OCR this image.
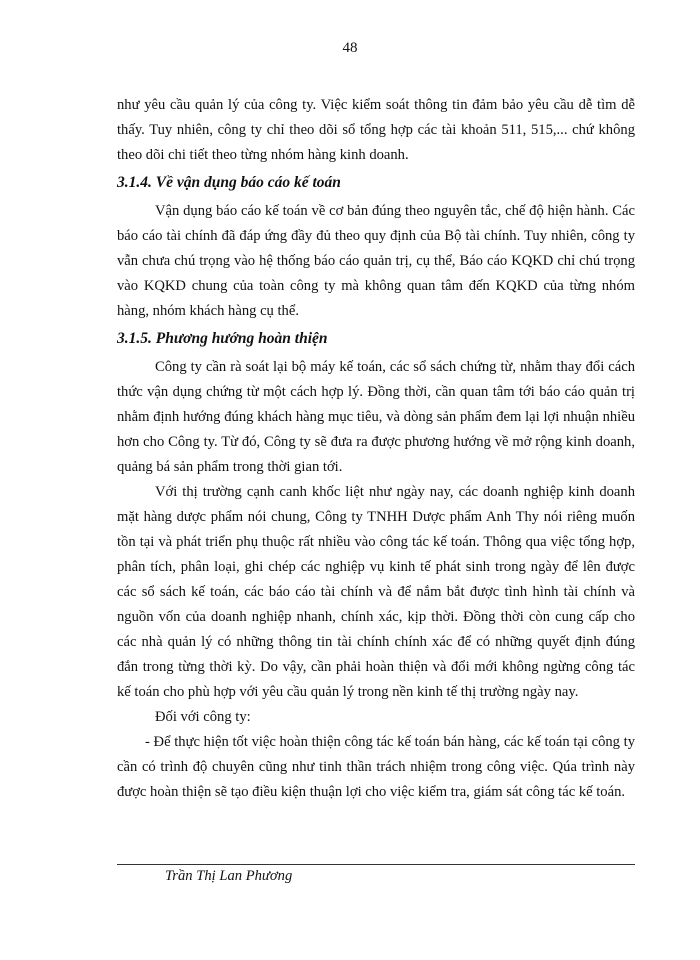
48

như yêu cầu quản lý của công ty. Việc kiểm soát thông tin đảm bảo yêu cầu dễ tìm dễ thấy. Tuy nhiên, công ty chỉ theo dõi sổ tổng hợp các tài khoản 511, 515,... chứ không theo dõi chi tiết theo từng nhóm hàng kinh doanh.

3.1.4. Về vận dụng báo cáo kế toán

Vận dụng báo cáo kế toán về cơ bản đúng theo nguyên tắc, chế độ hiện hành. Các báo cáo tài chính đã đáp ứng đầy đủ theo quy định của Bộ tài chính. Tuy nhiên, công ty vẫn chưa chú trọng vào hệ thống báo cáo quản trị, cụ thể, Báo cáo KQKD chỉ chú trọng vào KQKD chung của toàn công ty mà không quan tâm đến KQKD của từng nhóm hàng, nhóm khách hàng cụ thể.

3.1.5. Phương hướng hoàn thiện

Công ty cần rà soát lại bộ máy kế toán, các sổ sách chứng từ, nhằm thay đổi cách thức vận dụng chứng từ một cách hợp lý. Đồng thời, cần quan tâm tới báo cáo quản trị nhằm định hướng đúng khách hàng mục tiêu, và dòng sản phẩm đem lại lợi nhuận nhiều hơn cho Công ty. Từ đó, Công ty sẽ đưa ra được phương hướng về mở rộng kinh doanh, quảng bá sản phẩm trong thời gian tới.

Với thị trường cạnh canh khốc liệt như ngày nay, các doanh nghiệp kinh doanh mặt hàng dược phẩm nói chung, Công ty TNHH Dược phẩm Anh Thy nói riêng muốn tồn tại và phát triển phụ thuộc rất nhiều vào công tác kế toán. Thông qua việc tổng hợp, phân tích, phân loại, ghi chép các nghiệp vụ kinh tế phát sinh trong ngày để lên được các sổ sách kế toán, các báo cáo tài chính và để nắm bắt được tình hình tài chính và nguồn vốn của doanh nghiệp nhanh, chính xác, kịp thời. Đồng thời còn cung cấp cho các nhà quản lý có những thông tin tài chính chính xác để có những quyết định đúng đắn trong từng thời kỳ. Do vậy, cần phải hoàn thiện và đổi mới không ngừng công tác kế toán cho phù hợp với yêu cầu quản lý trong nền kinh tế thị trường ngày nay.

Đối với công ty:

- Để thực hiện tốt việc hoàn thiện công tác kế toán bán hàng, các kế toán tại công ty cần có trình độ chuyên cũng như tinh thần trách nhiệm trong công việc. Qúa trình này được hoàn thiện sẽ tạo điều kiện thuận lợi cho việc kiểm tra, giám sát công tác kế toán.

Trần Thị Lan Phương
